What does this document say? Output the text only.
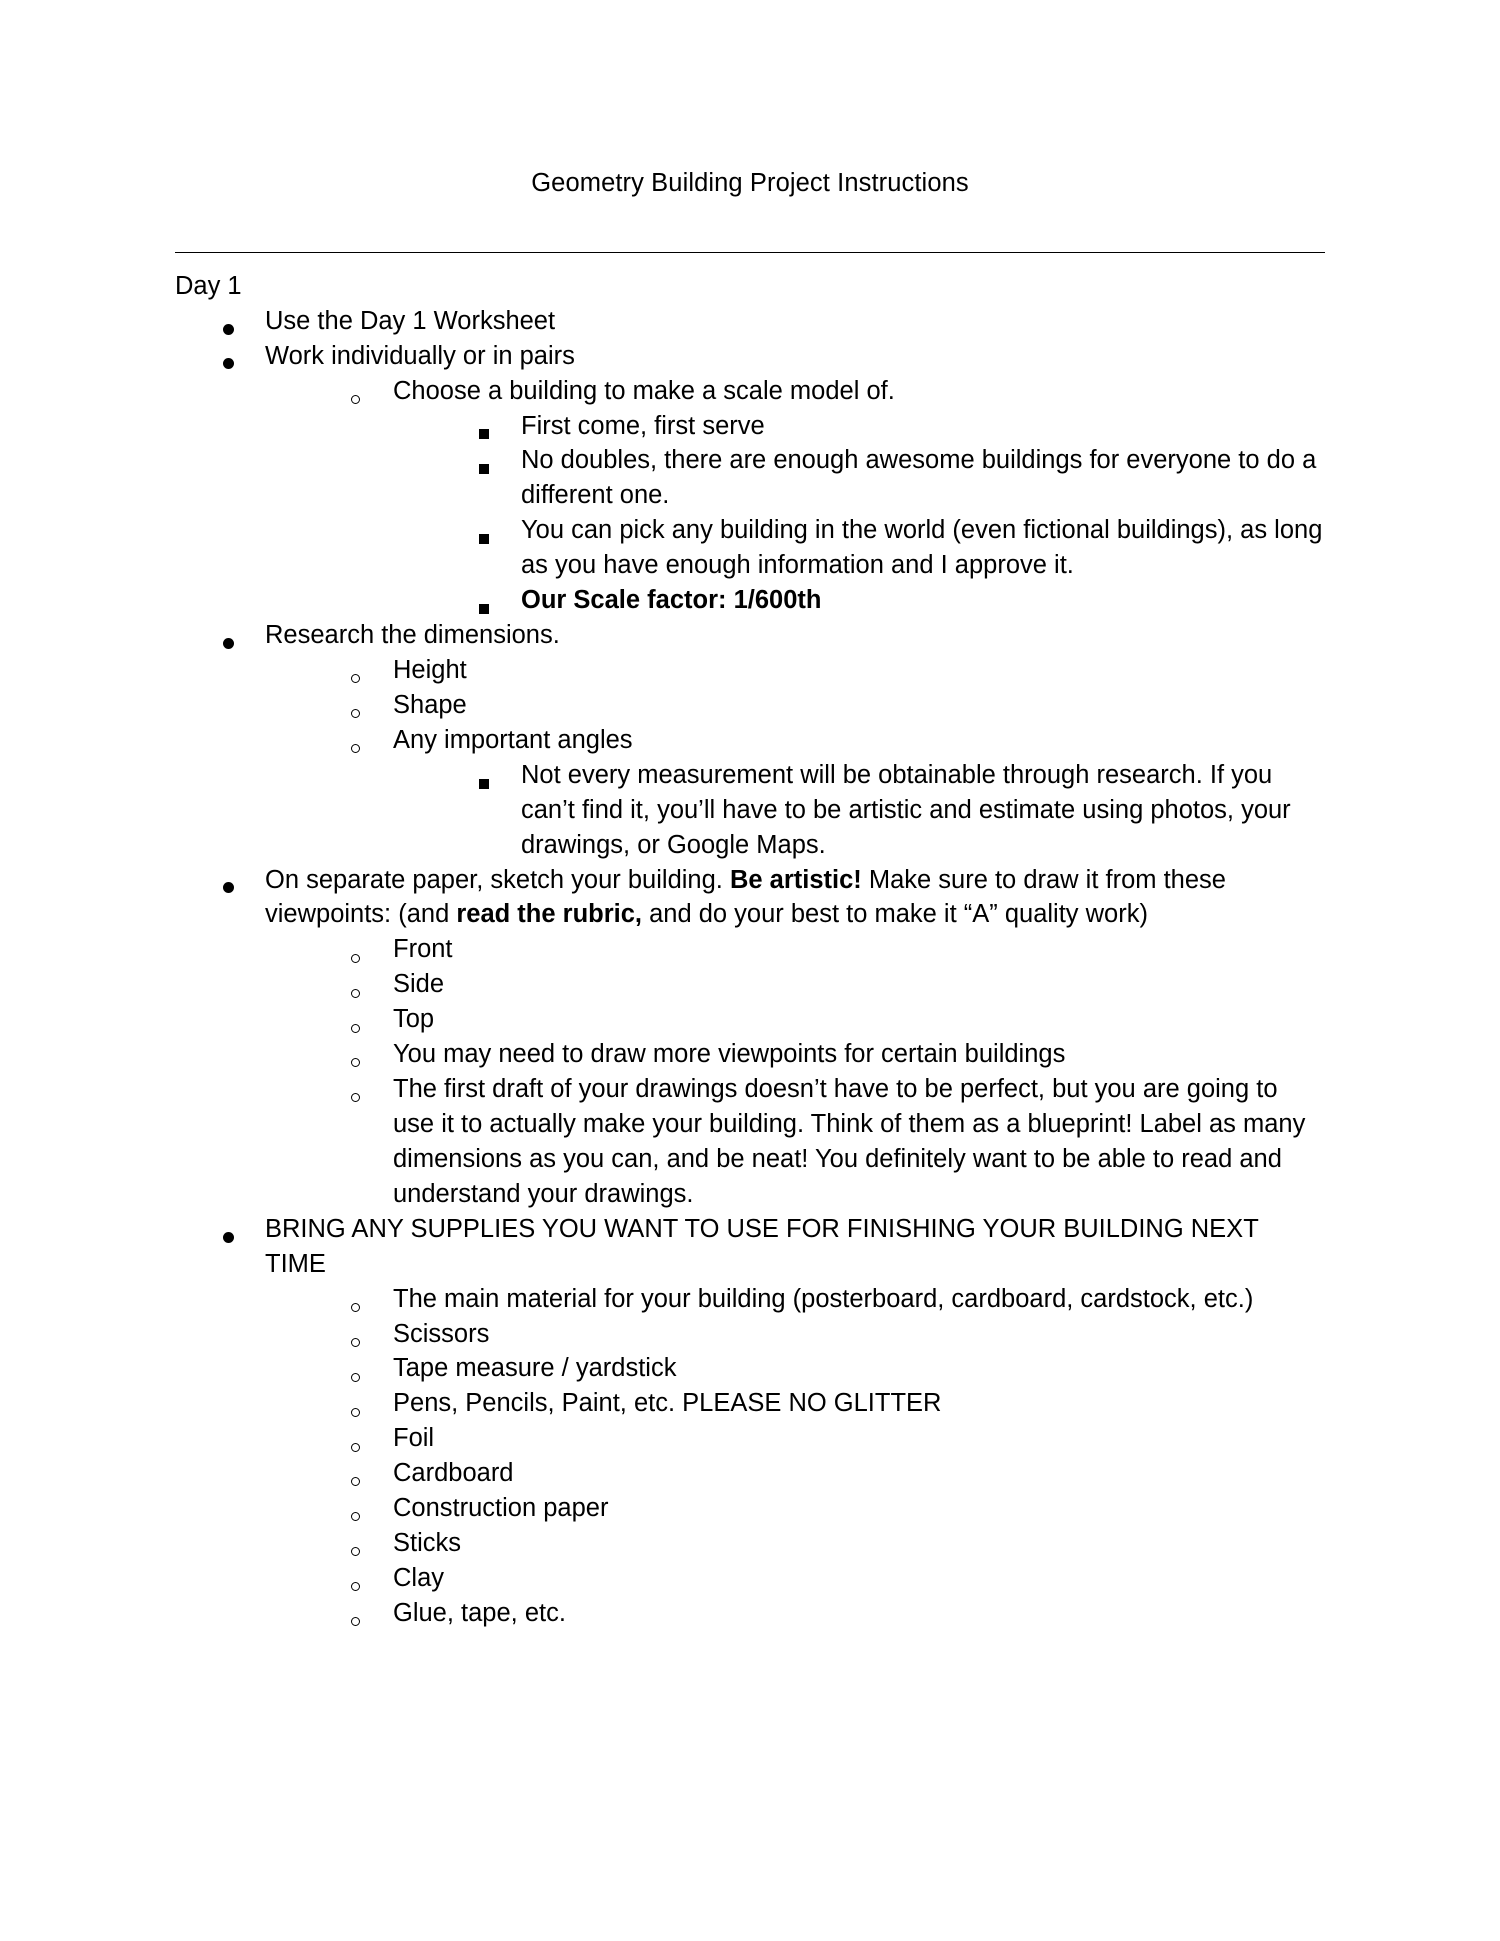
Geometry Building Project Instructions
Day 1
Use the Day 1 Worksheet
Work individually or in pairs
Choose a building to make a scale model of.
First come, first serve
No doubles, there are enough awesome buildings for everyone to do a different one.
You can pick any building in the world (even fictional buildings), as long as you have enough information and I approve it.
Our Scale factor: 1/600th
Research the dimensions.
Height
Shape
Any important angles
Not every measurement will be obtainable through research. If you can’t find it, you’ll have to be artistic and estimate using photos, your drawings, or Google Maps.
On separate paper, sketch your building. Be artistic! Make sure to draw it from these viewpoints: (and read the rubric, and do your best to make it “A” quality work)
Front
Side
Top
You may need to draw more viewpoints for certain buildings
The first draft of your drawings doesn’t have to be perfect, but you are going to use it to actually make your building. Think of them as a blueprint! Label as many dimensions as you can, and be neat! You definitely want to be able to read and understand your drawings.
BRING ANY SUPPLIES YOU WANT TO USE FOR FINISHING YOUR BUILDING NEXT TIME
The main material for your building (posterboard, cardboard, cardstock, etc.)
Scissors
Tape measure / yardstick
Pens, Pencils, Paint, etc. PLEASE NO GLITTER
Foil
Cardboard
Construction paper
Sticks
Clay
Glue, tape, etc.
